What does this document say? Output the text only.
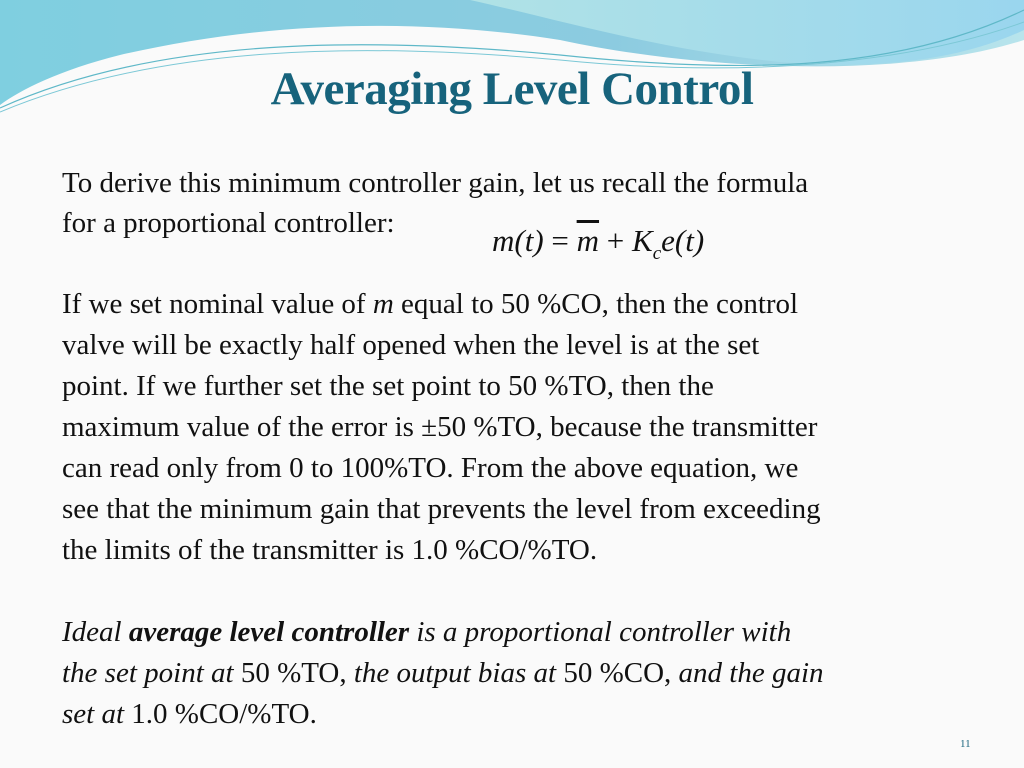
Averaging Level Control
To derive this minimum controller gain, let us recall the formula
for a proportional controller:	$m(t) = \overline{m} + K_ce(t)$
If we set nominal value of m equal to 50 %CO, then the control
valve will be exactly half opened when the level is at the set
point. If we further set the set point to 50 %TO, then the
maximum value of the error is ±50 %TO, because the transmitter
can read only from 0 to 100%TO. From the above equation, we
see that the minimum gain that prevents the level from exceeding
the limits of the transmitter is 1.0 %CO/%TO.
Ideal average level controller is a proportional controller with
the set point at 50 %TO, the output bias at 50 %CO, and the gain
set at 1.0 %CO/%TO.
11
